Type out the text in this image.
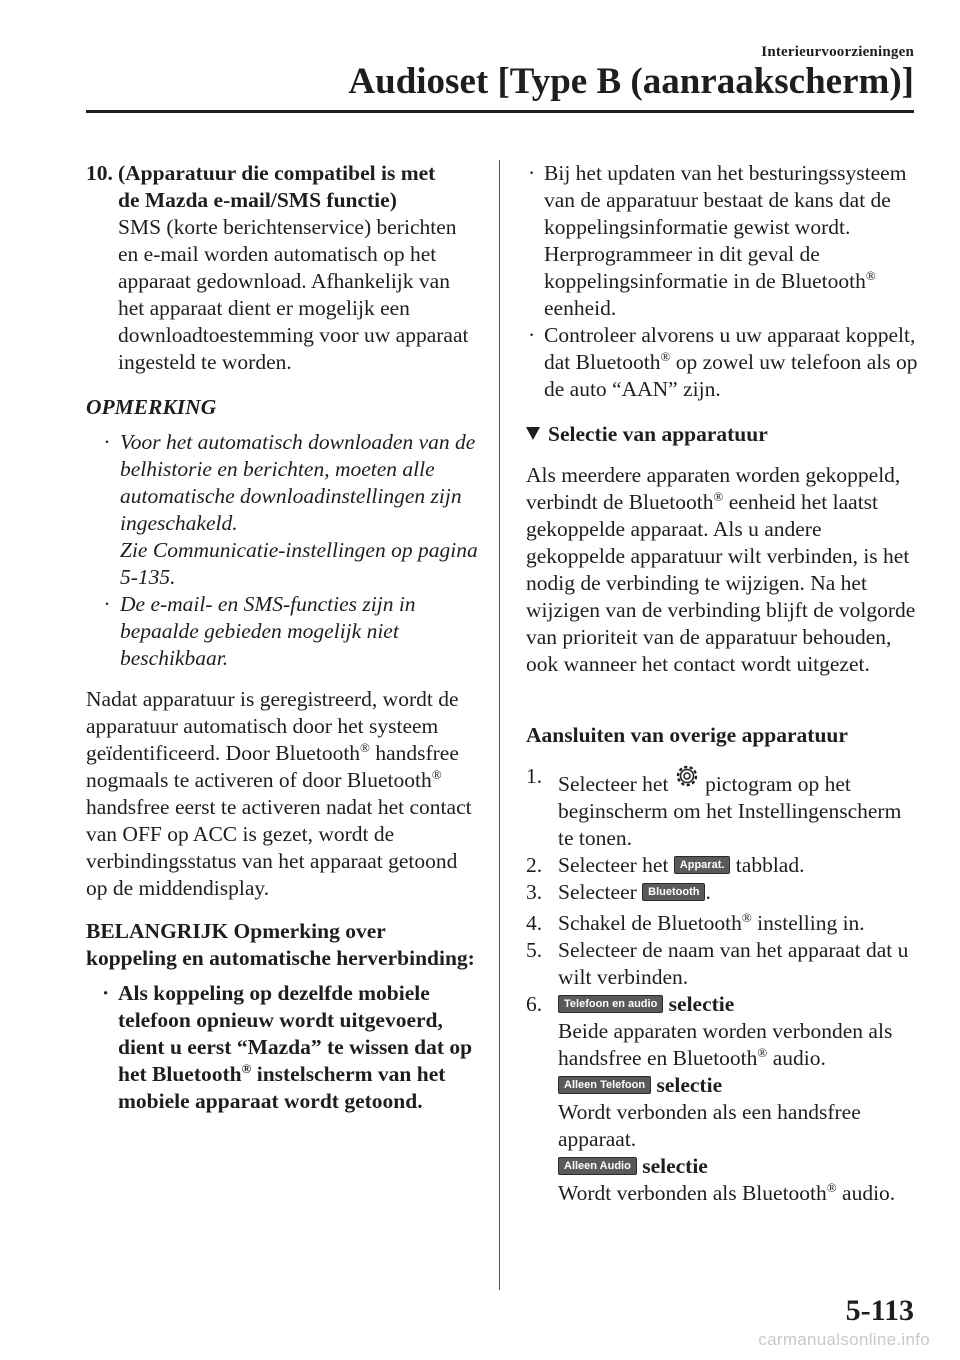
Interieurvoorzieningen
Audioset [Type B (aanraakscherm)]
10. (Apparatuur die compatibel is met
de Mazda e-mail/SMS functie)
SMS (korte berichtenservice) berichten en e-mail worden automatisch op het apparaat gedownload. Afhankelijk van het apparaat dient er mogelijk een downloadtoestemming voor uw apparaat ingesteld te worden.
OPMERKING
· Voor het automatisch downloaden van de belhistorie en berichten, moeten alle automatische downloadinstellingen zijn ingeschakeld.
Zie Communicatie-instellingen op pagina 5-135.
· De e-mail- en SMS-functies zijn in bepaalde gebieden mogelijk niet beschikbaar.
Nadat apparatuur is geregistreerd, wordt de apparatuur automatisch door het systeem geïdentificeerd. Door Bluetooth® handsfree nogmaals te activeren of door Bluetooth® handsfree eerst te activeren nadat het contact van OFF op ACC is gezet, wordt de verbindingsstatus van het apparaat getoond op de middendisplay.
BELANGRIJK Opmerking over koppeling en automatische herverbinding:
· Als koppeling op dezelfde mobiele telefoon opnieuw wordt uitgevoerd, dient u eerst “Mazda” te wissen dat op het Bluetooth® instelscherm van het mobiele apparaat wordt getoond.
· Bij het updaten van het besturingssysteem van de apparatuur bestaat de kans dat de koppelingsinformatie gewist wordt. Herprogrammeer in dit geval de koppelingsinformatie in de Bluetooth® eenheid.
· Controleer alvorens u uw apparaat koppelt, dat Bluetooth® op zowel uw telefoon als op de auto “AAN” zijn.
Selectie van apparatuur
Als meerdere apparaten worden gekoppeld, verbindt de Bluetooth® eenheid het laatst gekoppelde apparaat. Als u andere gekoppelde apparatuur wilt verbinden, is het nodig de verbinding te wijzigen. Na het wijzigen van de verbinding blijft de volgorde van prioriteit van de apparatuur behouden, ook wanneer het contact wordt uitgezet.
Aansluiten van overige apparatuur
1. Selecteer het  pictogram op het beginscherm om het Instellingenscherm te tonen.
2. Selecteer het Apparat. tabblad.
3. Selecteer Bluetooth .
4. Schakel de Bluetooth® instelling in.
5. Selecteer de naam van het apparaat dat u wilt verbinden.
6.	Telefoon en audio selectie
Beide apparaten worden verbonden als handsfree en Bluetooth® audio.
Alleen Telefoon selectie
Wordt verbonden als een handsfree apparaat.
Alleen Audio selectie
Wordt verbonden als Bluetooth® audio.
5-113
carmanualsonline.info
